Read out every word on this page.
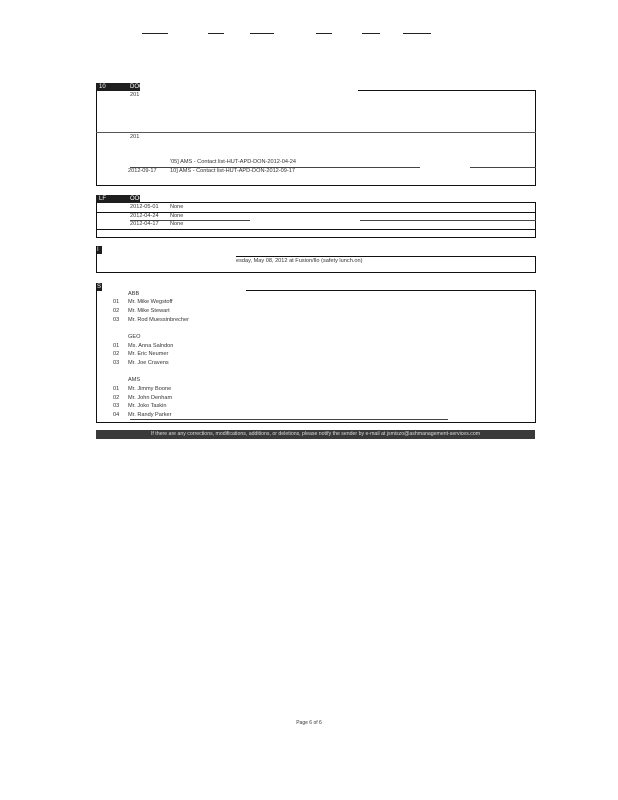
10	DOC
201
201
'05] AMS - Contact list-HUT-APD-DON-2012-04-24
2012-09-17 10] AMS - Contact list-HUT-APD-DON-2012-09-17
LF	OOC
2012-05-01 None
2012-04-24 None
2012-04-17 None
I
esday, May 08, 2012 at Fusion/Ilo (safety lunch.on)
S
ABB
01 Mr. Mike Wegstoff
02 Mr. Mike Stewart
03 Mr. Rod Muessinbrecher
GEO
01 Ms. Anna Salndon
02 Mr. Eric Neumer
03 Mr. Joe Cravens
AMS
01 Mr. Jimmy Boone
02 Mr. John Denham
03 Mr. Joko Taskin
04 Mr. Randy Parker
If there are any corrections, modifications, additions, or deletions, please notify the sender by e-mail at jsmiszo@ashmanagement-services.com
Page 6 of 6
